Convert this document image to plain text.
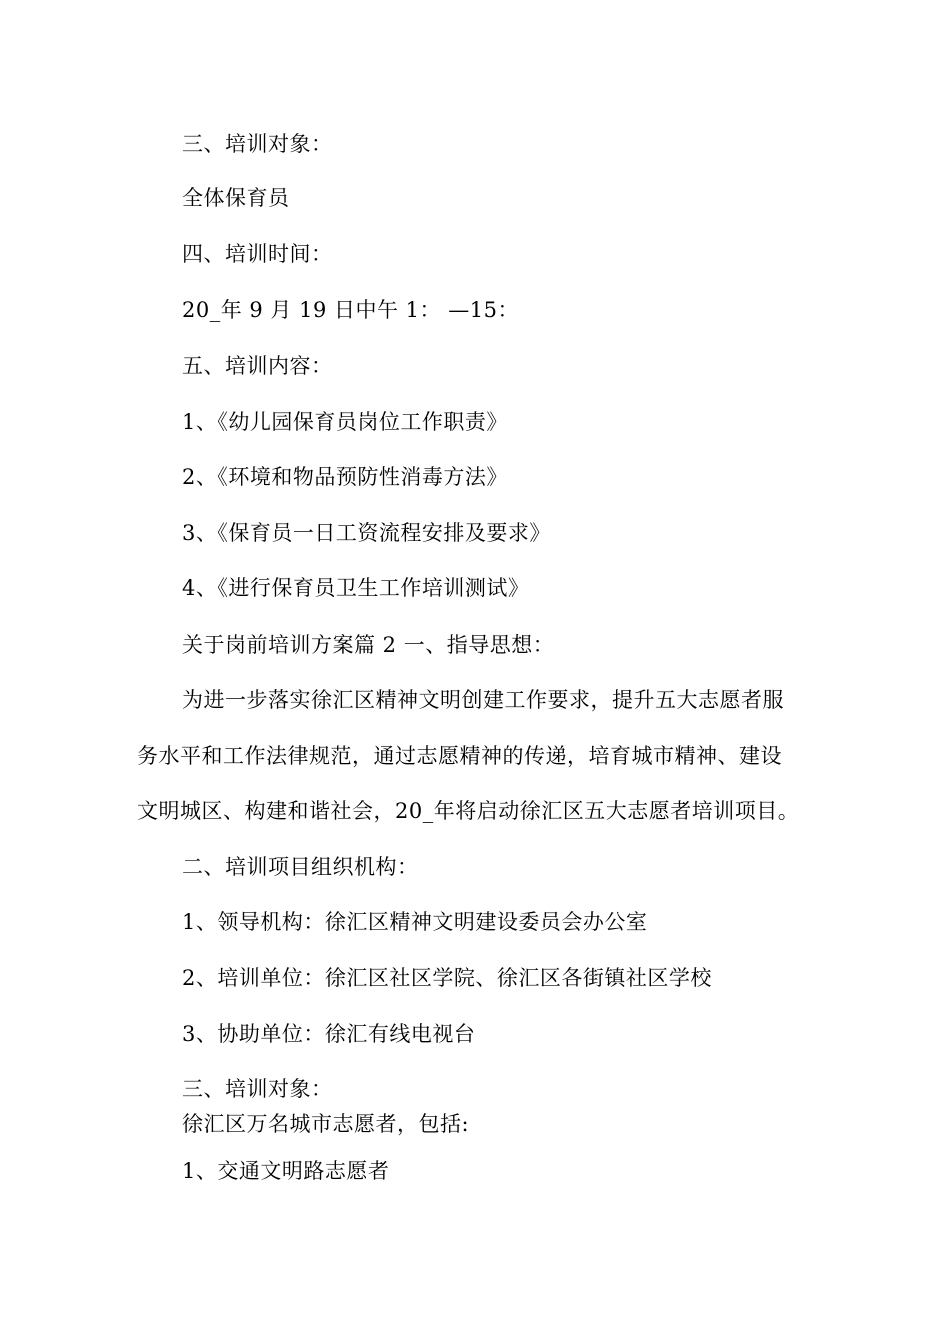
三、培训对象：
全体保育员
四、培训时间：
20_年 9 月 19 日中午 1： —15：
五、培训内容：
1、《幼儿园保育员岗位工作职责》
2、《环境和物品预防性消毒方法》
3、《保育员一日工资流程安排及要求》
4、《进行保育员卫生工作培训测试》
关于岗前培训方案篇 2 一、指导思想：
为进一步落实徐汇区精神文明创建工作要求，提升五大志愿者服
务水平和工作法律规范，通过志愿精神的传递，培育城市精神、建设
文明城区、构建和谐社会，20_年将启动徐汇区五大志愿者培训项目。
二、培训项目组织机构：
1、领导机构：徐汇区精神文明建设委员会办公室
2、培训单位：徐汇区社区学院、徐汇区各街镇社区学校
3、协助单位：徐汇有线电视台
三、培训对象：
徐汇区万名城市志愿者，包括:
1、交通文明路志愿者
